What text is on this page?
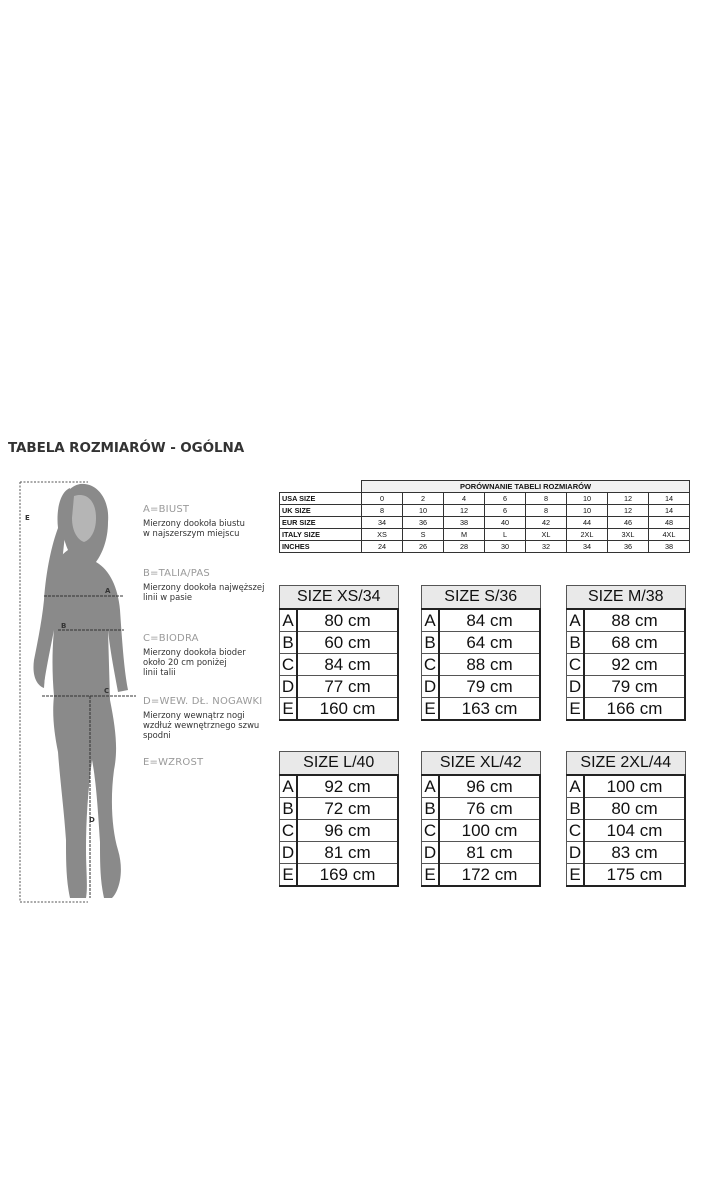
TABELA ROZMIARÓW - OGÓLNA
A
B
C
D
E
A=BIUST
Mierzony dookoła biustu
w najszerszym miejscu
B=TALIA/PAS
Mierzony dookoła najwęższej
linii w pasie
C=BIODRA
Mierzony dookoła bioder
około 20 cm poniżej
linii talii
D=WEW. DŁ. NOGAWKI
Mierzony wewnątrz nogi
wzdłuż wewnętrznego szwu
spodni
E=WZROST
	PORÓWNANIE TABELI ROZMIARÓW							
USA SIZE	0	2	4	6	8	10	12	14
UK SIZE	8	10	12	6	8	10	12	14
EUR SIZE	34	36	38	40	42	44	46	48
ITALY SIZE	XS	S	M	L	XL	2XL	3XL	4XL
INCHES	24	26	28	30	32	34	36	38
SIZE XS/34	
A	80 cm
B	60 cm
C	84 cm
D	77 cm
E	160 cm
SIZE S/36	
A	84 cm
B	64 cm
C	88 cm
D	79 cm
E	163 cm
SIZE M/38	
A	88 cm
B	68 cm
C	92 cm
D	79 cm
E	166 cm
SIZE L/40	
A	92 cm
B	72 cm
C	96 cm
D	81 cm
E	169 cm
SIZE XL/42	
A	96 cm
B	76 cm
C	100 cm
D	81 cm
E	172 cm
SIZE 2XL/44	
A	100 cm
B	80 cm
C	104 cm
D	83 cm
E	175 cm
